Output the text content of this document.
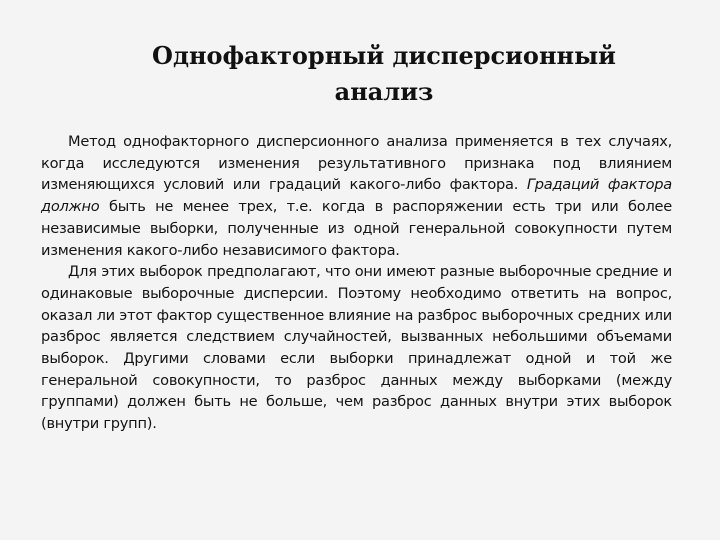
Однофакторный дисперсионный
анализ

Метод однофакторного дисперсионного анализа применяется в тех случаях, когда исследуются изменения результативного признака под влиянием изменяющихся условий или градаций какого-либо фактора. Градаций фактора должно быть не менее трех, т.е. когда в распоряжении есть три или более независимые выборки, полученные из одной генеральной совокупности путем изменения какого-либо независимого фактора.

Для этих выборок предполагают, что они имеют разные выборочные средние и одинаковые выборочные дисперсии. Поэтому необходимо ответить на вопрос, оказал ли этот фактор существенное влияние на разброс выборочных средних или разброс является следствием случайностей, вызванных небольшими объемами выборок. Другими словами если выборки принадлежат одной и той же генеральной совокупности, то разброс данных между выборками (между группами) должен быть не больше, чем разброс данных внутри этих выборок (внутри групп).
